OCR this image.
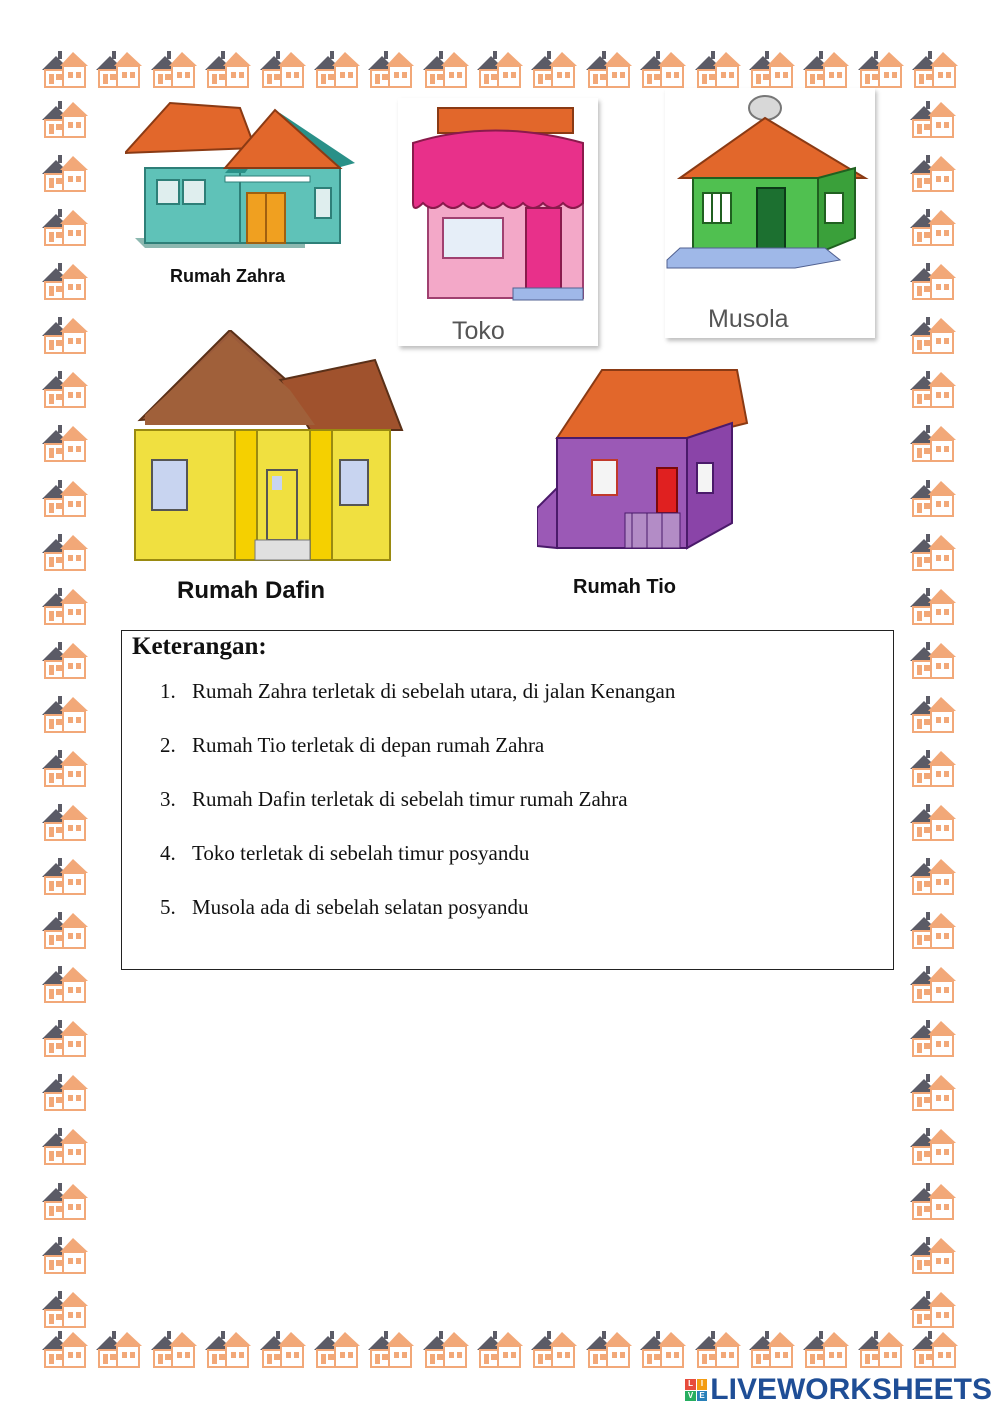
Rumah Zahra
Toko	Musola
Rumah Dafin	Rumah Tio
Keterangan:
1. Rumah Zahra terletak di sebelah utara, di jalan Kenangan
2. Rumah Tio terletak di depan rumah Zahra
3. Rumah Dafin terletak di sebelah timur rumah Zahra
4. Toko terletak di sebelah timur posyandu
5. Musola ada di sebelah selatan posyandu
L I
V E LIVEWORKSHEETS
